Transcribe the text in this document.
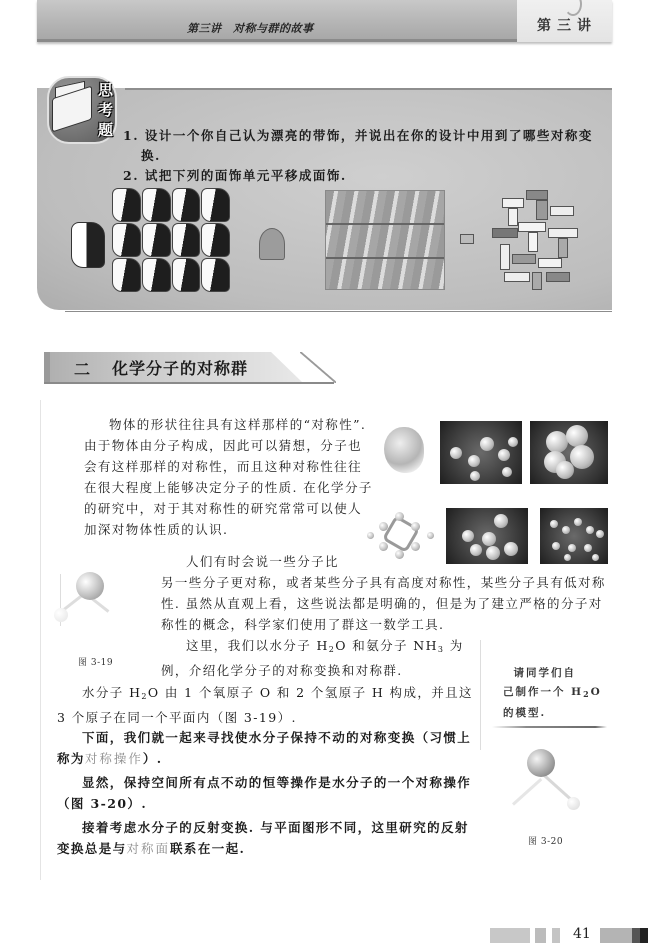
第三讲　对称与群的故事	第三讲
思
考
题 1. 设计一个你自己认为漂亮的带饰，并说出在你的设计中用到了哪些对称变换.
2. 试把下列的面饰单元平移成面饰.
二 化学分子的对称群

物体的形状往往具有这样那样的“对称性”.由于物体由分子构成，因此可以猜想，分子也会有这样那样的对称性，而且这种对称性往往在很大程度上能够决定分子的性质. 在化学分子的研究中，对于其对称性的研究常常可以使人加深对物体性质的认识.

图 3-19

人们有时会说一些分子比

另一些分子更对称，或者某些分子具有高度对称性，某些分子具有低对称性. 虽然从直观上看，这些说法都是明确的，但是为了建立严格的分子对称性的概念，科学家们使用了群这一数学工具.

这里，我们以水分子 $H_2O$ 和氨分子 $NH_3$ 为例，介绍化学分子的对称变换和对称群.	请同学们自
己制作一个 $H_2O$
的模型.

水分子 $H_2O$ 由 1 个氧原子 O 和 2 个氢原子 H 构成，并且这 3 个原子在同一个平面内（图 3-19）.

下面，我们就一起来寻找使水分子保持不动的对称变换（习惯上称为对称操作）.

显然，保持空间所有点不动的恒等操作是水分子的一个对称操作（图 3-20）.

接着考虑水分子的反射变换. 与平面图形不同，这里研究的反射变换总是与对称面联系在一起.	图 3-20
41
